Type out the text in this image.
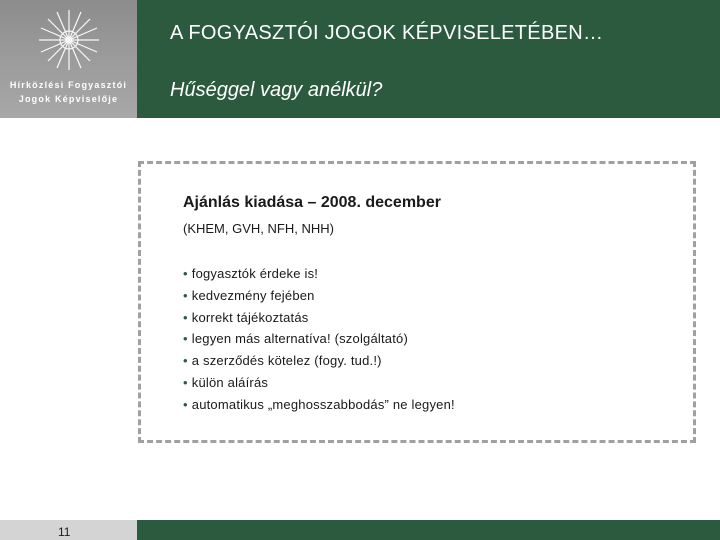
Hírközlési Fogyasztói
Jogok Képviselője
A FOGYASZTÓI JOGOK KÉPVISELETÉBEN…
Hűséggel vagy anélkül?
Ajánlás kiadása – 2008. december
(KHEM, GVH, NFH, NHH)
• fogyasztók érdeke is!
• kedvezmény fejében
• korrekt tájékoztatás
• legyen más alternatíva! (szolgáltató)
• a szerződés kötelez (fogy. tud.!)
• külön aláírás
• automatikus „meghosszabbodás” ne legyen!
11
